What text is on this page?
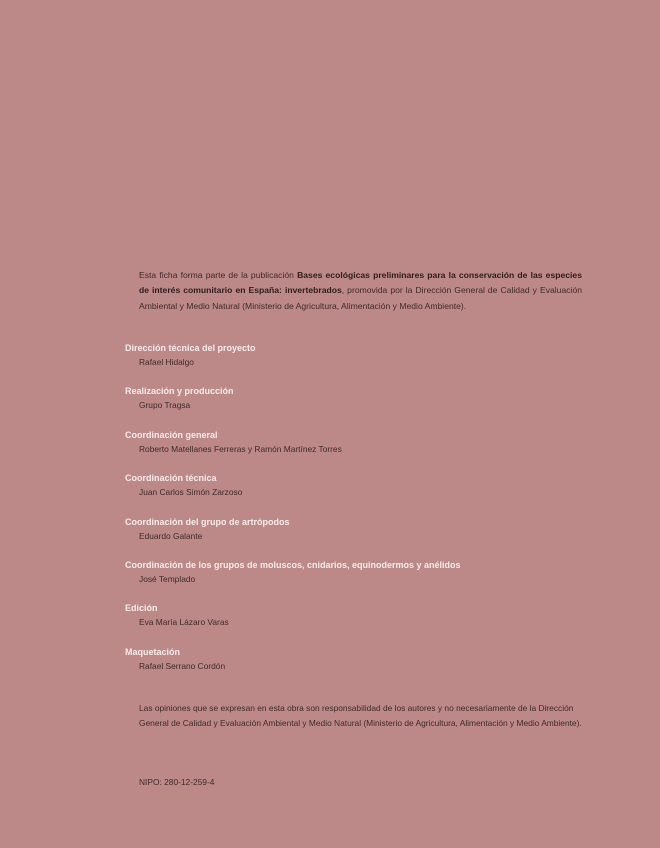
Esta ficha forma parte de la publicación Bases ecológicas preliminares para la conservación de las especies de interés comunitario en España: invertebrados, promovida por la Dirección General de Calidad y Evaluación Ambiental y Medio Natural (Ministerio de Agricultura, Alimentación y Medio Ambiente).

Dirección técnica del proyecto
Rafael Hidalgo
Realización y producción
Grupo Tragsa
Coordinación general
Roberto Matellanes Ferreras y Ramón Martínez Torres
Coordinación técnica
Juan Carlos Simón Zarzoso
Coordinación del grupo de artrópodos
Eduardo Galante
Coordinación de los grupos de moluscos, cnidarios, equinodermos y anélidos
José Templado
Edición
Eva María Lázaro Varas
Maquetación
Rafael Serrano Cordón

Las opiniones que se expresan en esta obra son responsabilidad de los autores y no necesariamente de la Dirección General de Calidad y Evaluación Ambiental y Medio Natural (Ministerio de Agricultura, Alimentación y Medio Ambiente).

NIPO: 280-12-259-4
